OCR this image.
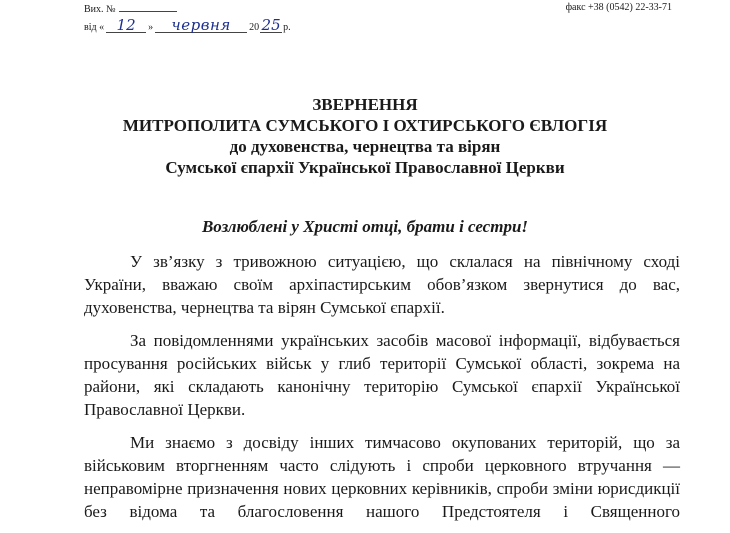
Вих. №	факс +38 (0542) 22-33-71
від « 12 » червня 20 25 р.
ЗВЕРНЕННЯ
МИТРОПОЛИТА СУМСЬКОГО І ОХТИРСЬКОГО ЄВЛОГІЯ
до духовенства, чернецтва та вірян
Сумської єпархії Української Православної Церкви
Возлюблені у Христі отці, брати і сестри!

У зв’язку з тривожною ситуацією, що склалася на північному сході України, вважаю своїм архіпастирським обов’язком звернутися до вас, духовенства, чернецтва та вірян Сумської єпархії.

За повідомленнями українських засобів масової інформації, відбувається просування російських військ у глиб території Сумської області, зокрема на райони, які складають канонічну територію Сумської єпархії Української Православної Церкви.

Ми знаємо з досвіду інших тимчасово окупованих територій, що за військовим вторгненням часто слідують і спроби церковного втручання — неправомірне призначення нових церковних керівників, спроби зміни юрисдикції без відома та благословення нашого Предстоятеля і Священного
